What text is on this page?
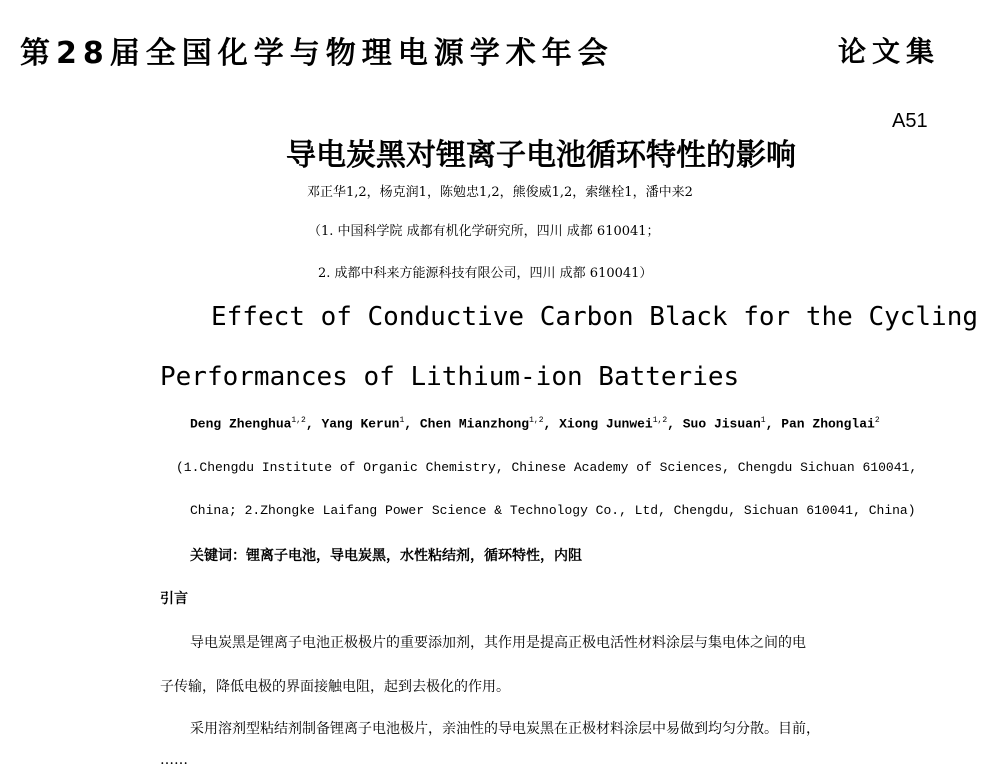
第28届全国化学与物理电源学术年会	论文集
A51
导电炭黑对锂离子电池循环特性的影响
邓正华1,2，杨克润1，陈勉忠1,2，熊俊威1,2，索继栓1，潘中来2
（1. 中国科学院 成都有机化学研究所，四川 成都 610041；
2. 成都中科来方能源科技有限公司，四川 成都 610041）
Effect of Conductive Carbon Black for the Cycling
Performances of Lithium-ion Batteries
Deng Zhenghua$^{1,2}$, Yang Kerun$^1$, Chen Mianzhong$^{1,2}$, Xiong Junwei$^{1,2}$, Suo Jisuan$^1$, Pan Zhonglai$^2$
(1.Chengdu Institute of Organic Chemistry, Chinese Academy of Sciences, Chengdu Sichuan 610041,
China; 2.Zhongke Laifang Power Science & Technology Co., Ltd, Chengdu, Sichuan 610041, China)
关键词：锂离子电池，导电炭黑，水性粘结剂，循环特性，内阻
引言
导电炭黑是锂离子电池正极极片的重要添加剂，其作用是提高正极电活性材料涂层与集电体之间的电
子传输，降低电极的界面接触电阻，起到去极化的作用。
采用溶剂型粘结剂制备锂离子电池极片，亲油性的导电炭黑在正极材料涂层中易做到均匀分散。目前，
……
